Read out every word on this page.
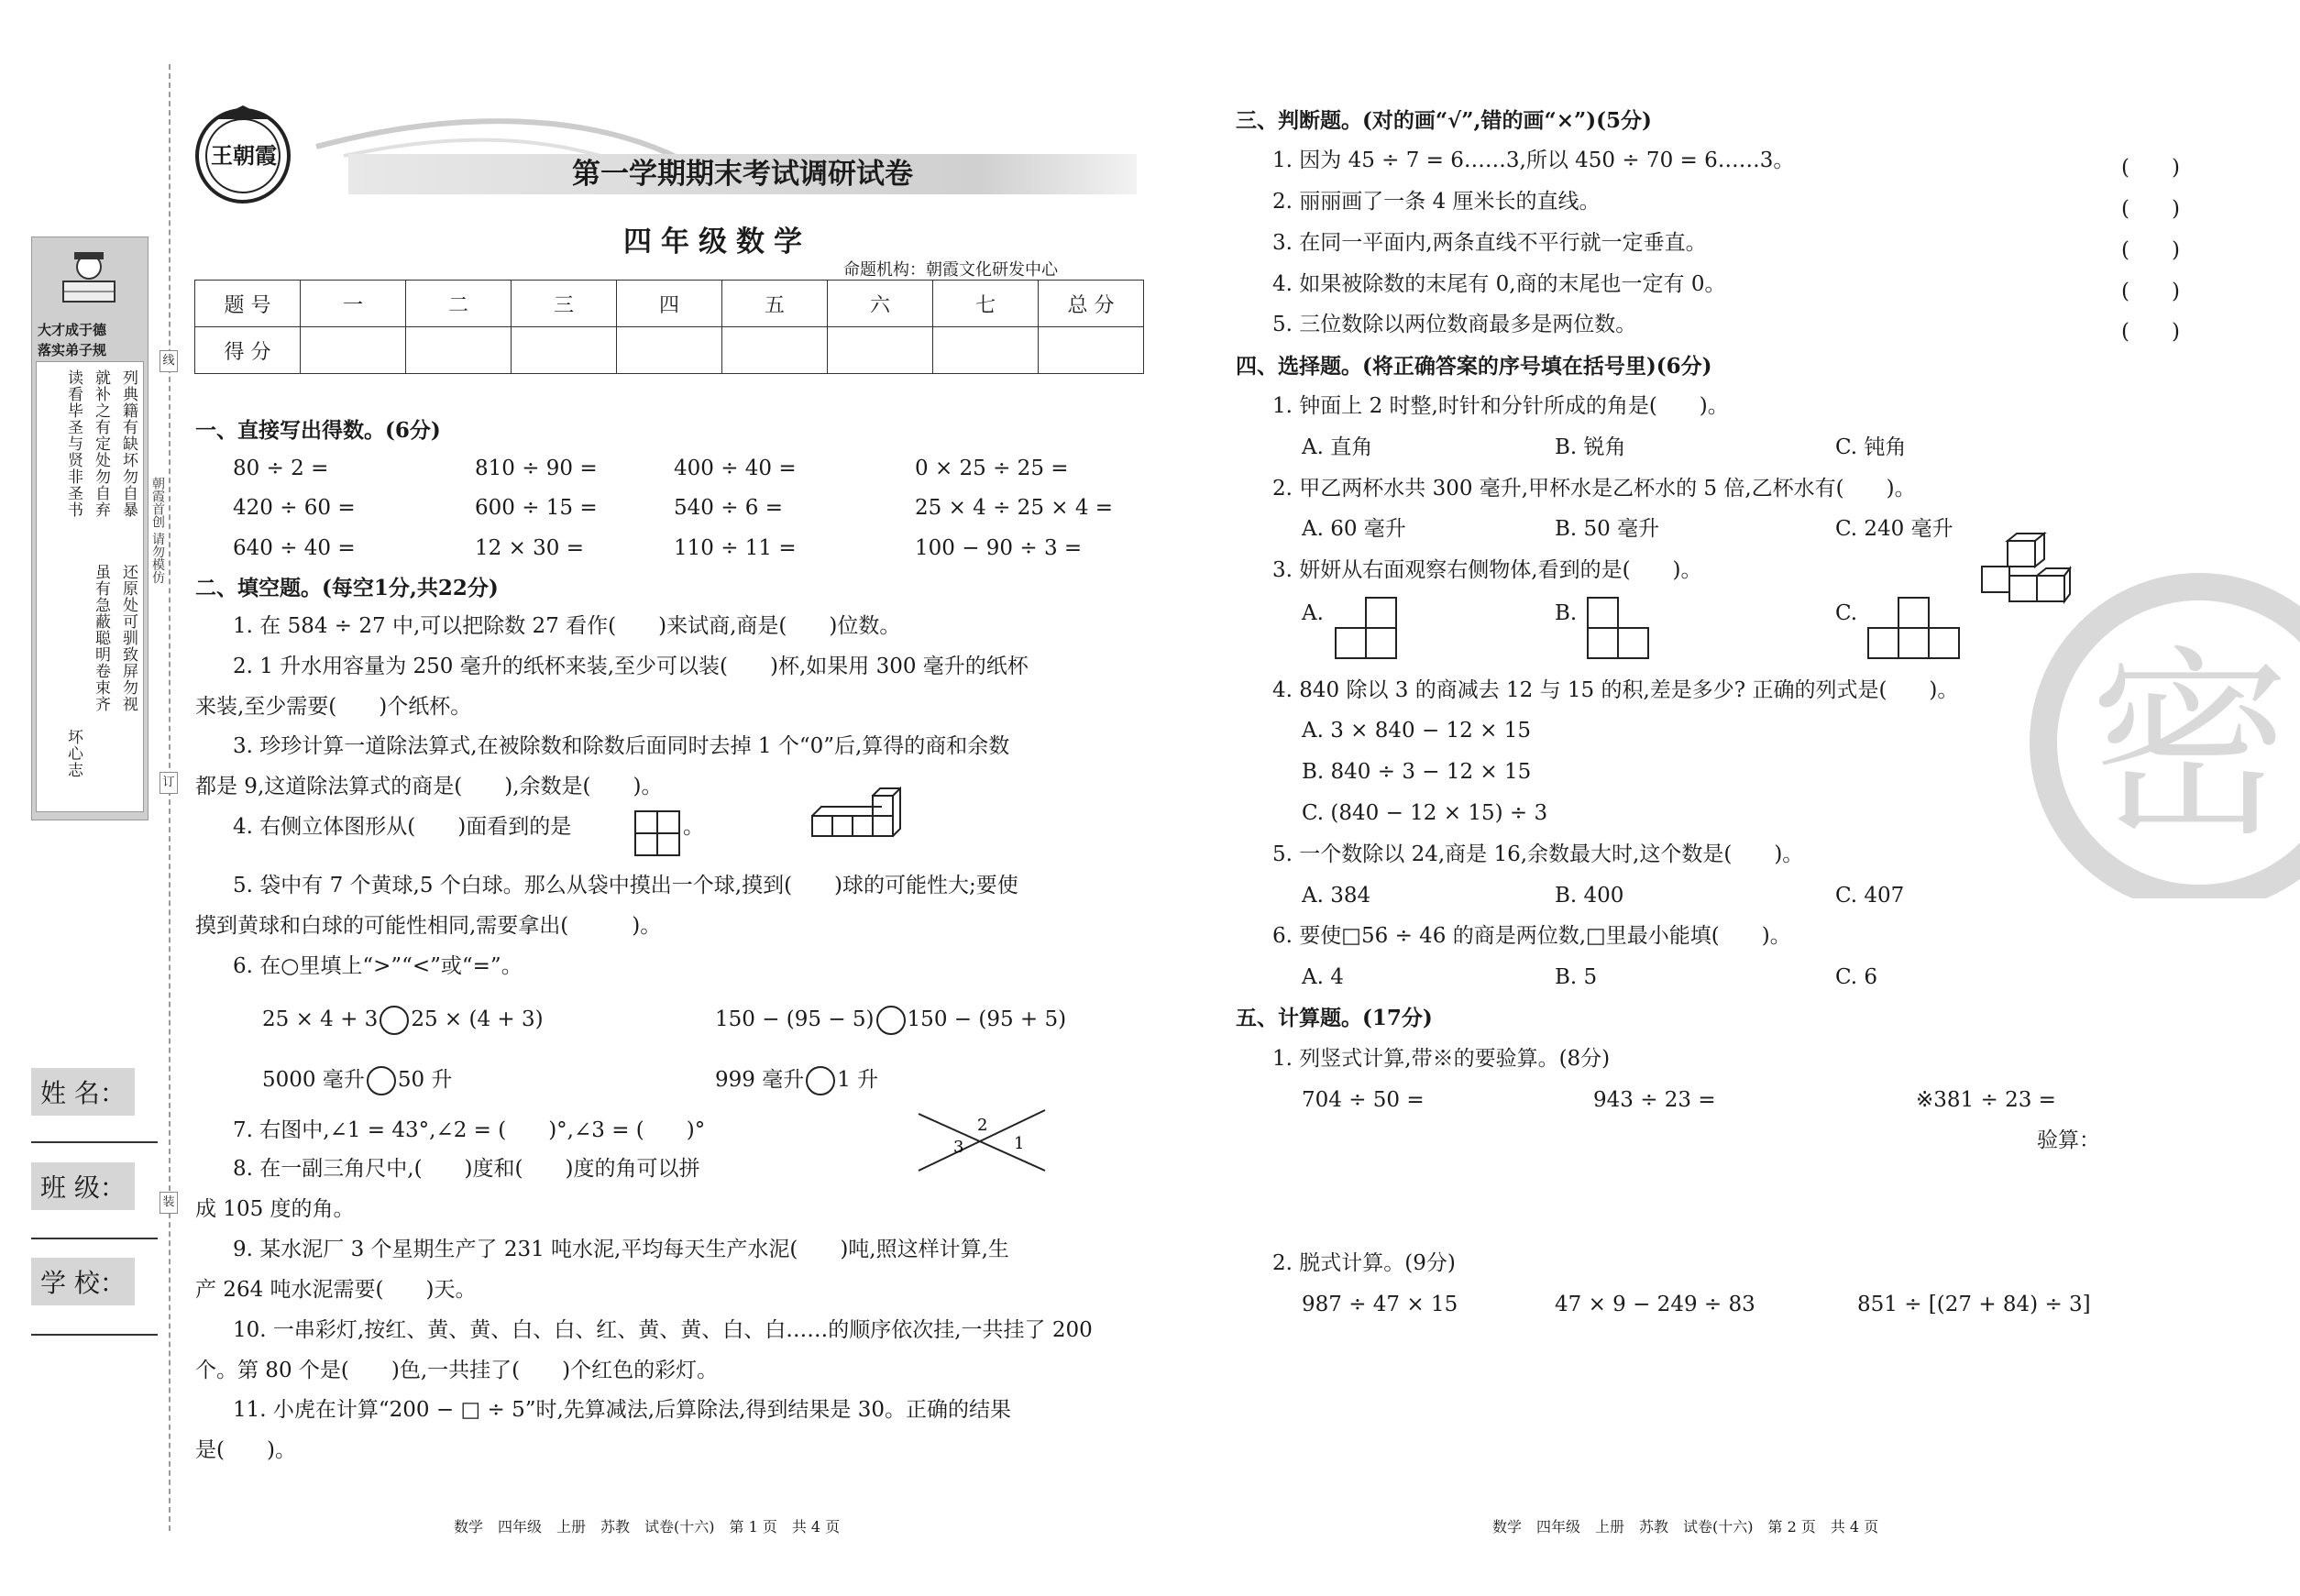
大才成于德
落实弟子规
列典籍有缺坏勿自暴
就补之有定处勿自弃
读看毕圣与贤非圣书
还原处可驯致屏勿视
虽有急蔽聪明卷束齐
坏心志
朝霞首创 请勿模仿
线
订
装
姓 名：
班 级：
学 校：
王朝霞
第一学期期末考试调研试卷
四年级数学
命题机构：朝霞文化研发中心
题 号	一	二	三	四	五	六	七	总 分
得 分								
一、直接写出得数。(6分)
80 ÷ 2 =	810 ÷ 90 =	400 ÷ 40 =	0 × 25 ÷ 25 =
420 ÷ 60 =	600 ÷ 15 =	540 ÷ 6 =	25 × 4 ÷ 25 × 4 =
640 ÷ 40 =	12 × 30 =	110 ÷ 11 =	100 − 90 ÷ 3 =
二、填空题。(每空1分,共22分)
1. 在 584 ÷ 27 中,可以把除数 27 看作(　　)来试商,商是(　　)位数。
2. 1 升水用容量为 250 毫升的纸杯来装,至少可以装(　　)杯,如果用 300 毫升的纸杯
来装,至少需要(　　)个纸杯。
3. 珍珍计算一道除法算式,在被除数和除数后面同时去掉 1 个“0”后,算得的商和余数
都是 9,这道除法算式的商是(　　),余数是(　　)。
4. 右侧立体图形从(　　)面看到的是	。
5. 袋中有 7 个黄球,5 个白球。那么从袋中摸出一个球,摸到(　　)球的可能性大;要使
摸到黄球和白球的可能性相同,需要拿出(　　　)。
6. 在○里填上“>”“<”或“=”。
25 × 4 + 3 25 × (4 + 3)	150 − (95 − 5) 150 − (95 + 5)
5000 毫升 50 升	999 毫升 1 升
7. 右图中,∠1 = 43°,∠2 = (　　)°,∠3 = (　　)°	2
3	1
8. 在一副三角尺中,(　　)度和(　　)度的角可以拼
成 105 度的角。
9. 某水泥厂 3 个星期生产了 231 吨水泥,平均每天生产水泥(　　)吨,照这样计算,生
产 264 吨水泥需要(　　)天。
10. 一串彩灯,按红、黄、黄、白、白、红、黄、黄、白、白……的顺序依次挂,一共挂了 200
个。第 80 个是(　　)色,一共挂了(　　)个红色的彩灯。
11. 小虎在计算“200 − □ ÷ 5”时,先算减法,后算除法,得到结果是 30。正确的结果
是(　　)。
数学　四年级　上册　苏教　试卷(十六)　第 1 页　共 4 页
三、判断题。(对的画“√”,错的画“×”)(5分)
1. 因为 45 ÷ 7 = 6……3,所以 450 ÷ 70 = 6……3。	(　　)
2. 丽丽画了一条 4 厘米长的直线。	(　　)
3. 在同一平面内,两条直线不平行就一定垂直。	(　　)
4. 如果被除数的末尾有 0,商的末尾也一定有 0。	(　　)
5. 三位数除以两位数商最多是两位数。	(　　)
四、选择题。(将正确答案的序号填在括号里)(6分)
1. 钟面上 2 时整,时针和分针所成的角是(　　)。
A. 直角	B. 锐角	C. 钝角
2. 甲乙两杯水共 300 毫升,甲杯水是乙杯水的 5 倍,乙杯水有(　　)。
A. 60 毫升	B. 50 毫升	C. 240 毫升
3. 妍妍从右面观察右侧物体,看到的是(　　)。
A.	B.	C.
4. 840 除以 3 的商减去 12 与 15 的积,差是多少? 正确的列式是(　　)。
A. 3 × 840 − 12 × 15
B. 840 ÷ 3 − 12 × 15
C. (840 − 12 × 15) ÷ 3
5. 一个数除以 24,商是 16,余数最大时,这个数是(　　)。
A. 384	B. 400	C. 407
6. 要使□56 ÷ 46 的商是两位数,□里最小能填(　　)。
A. 4	B. 5	C. 6
五、计算题。(17分)
1. 列竖式计算,带※的要验算。(8分)
704 ÷ 50 =	943 ÷ 23 =	※381 ÷ 23 =
验算：
2. 脱式计算。(9分)
987 ÷ 47 × 15	47 × 9 − 249 ÷ 83	851 ÷ [(27 + 84) ÷ 3]
数学　四年级　上册　苏教　试卷(十六)　第 2 页　共 4 页
密
